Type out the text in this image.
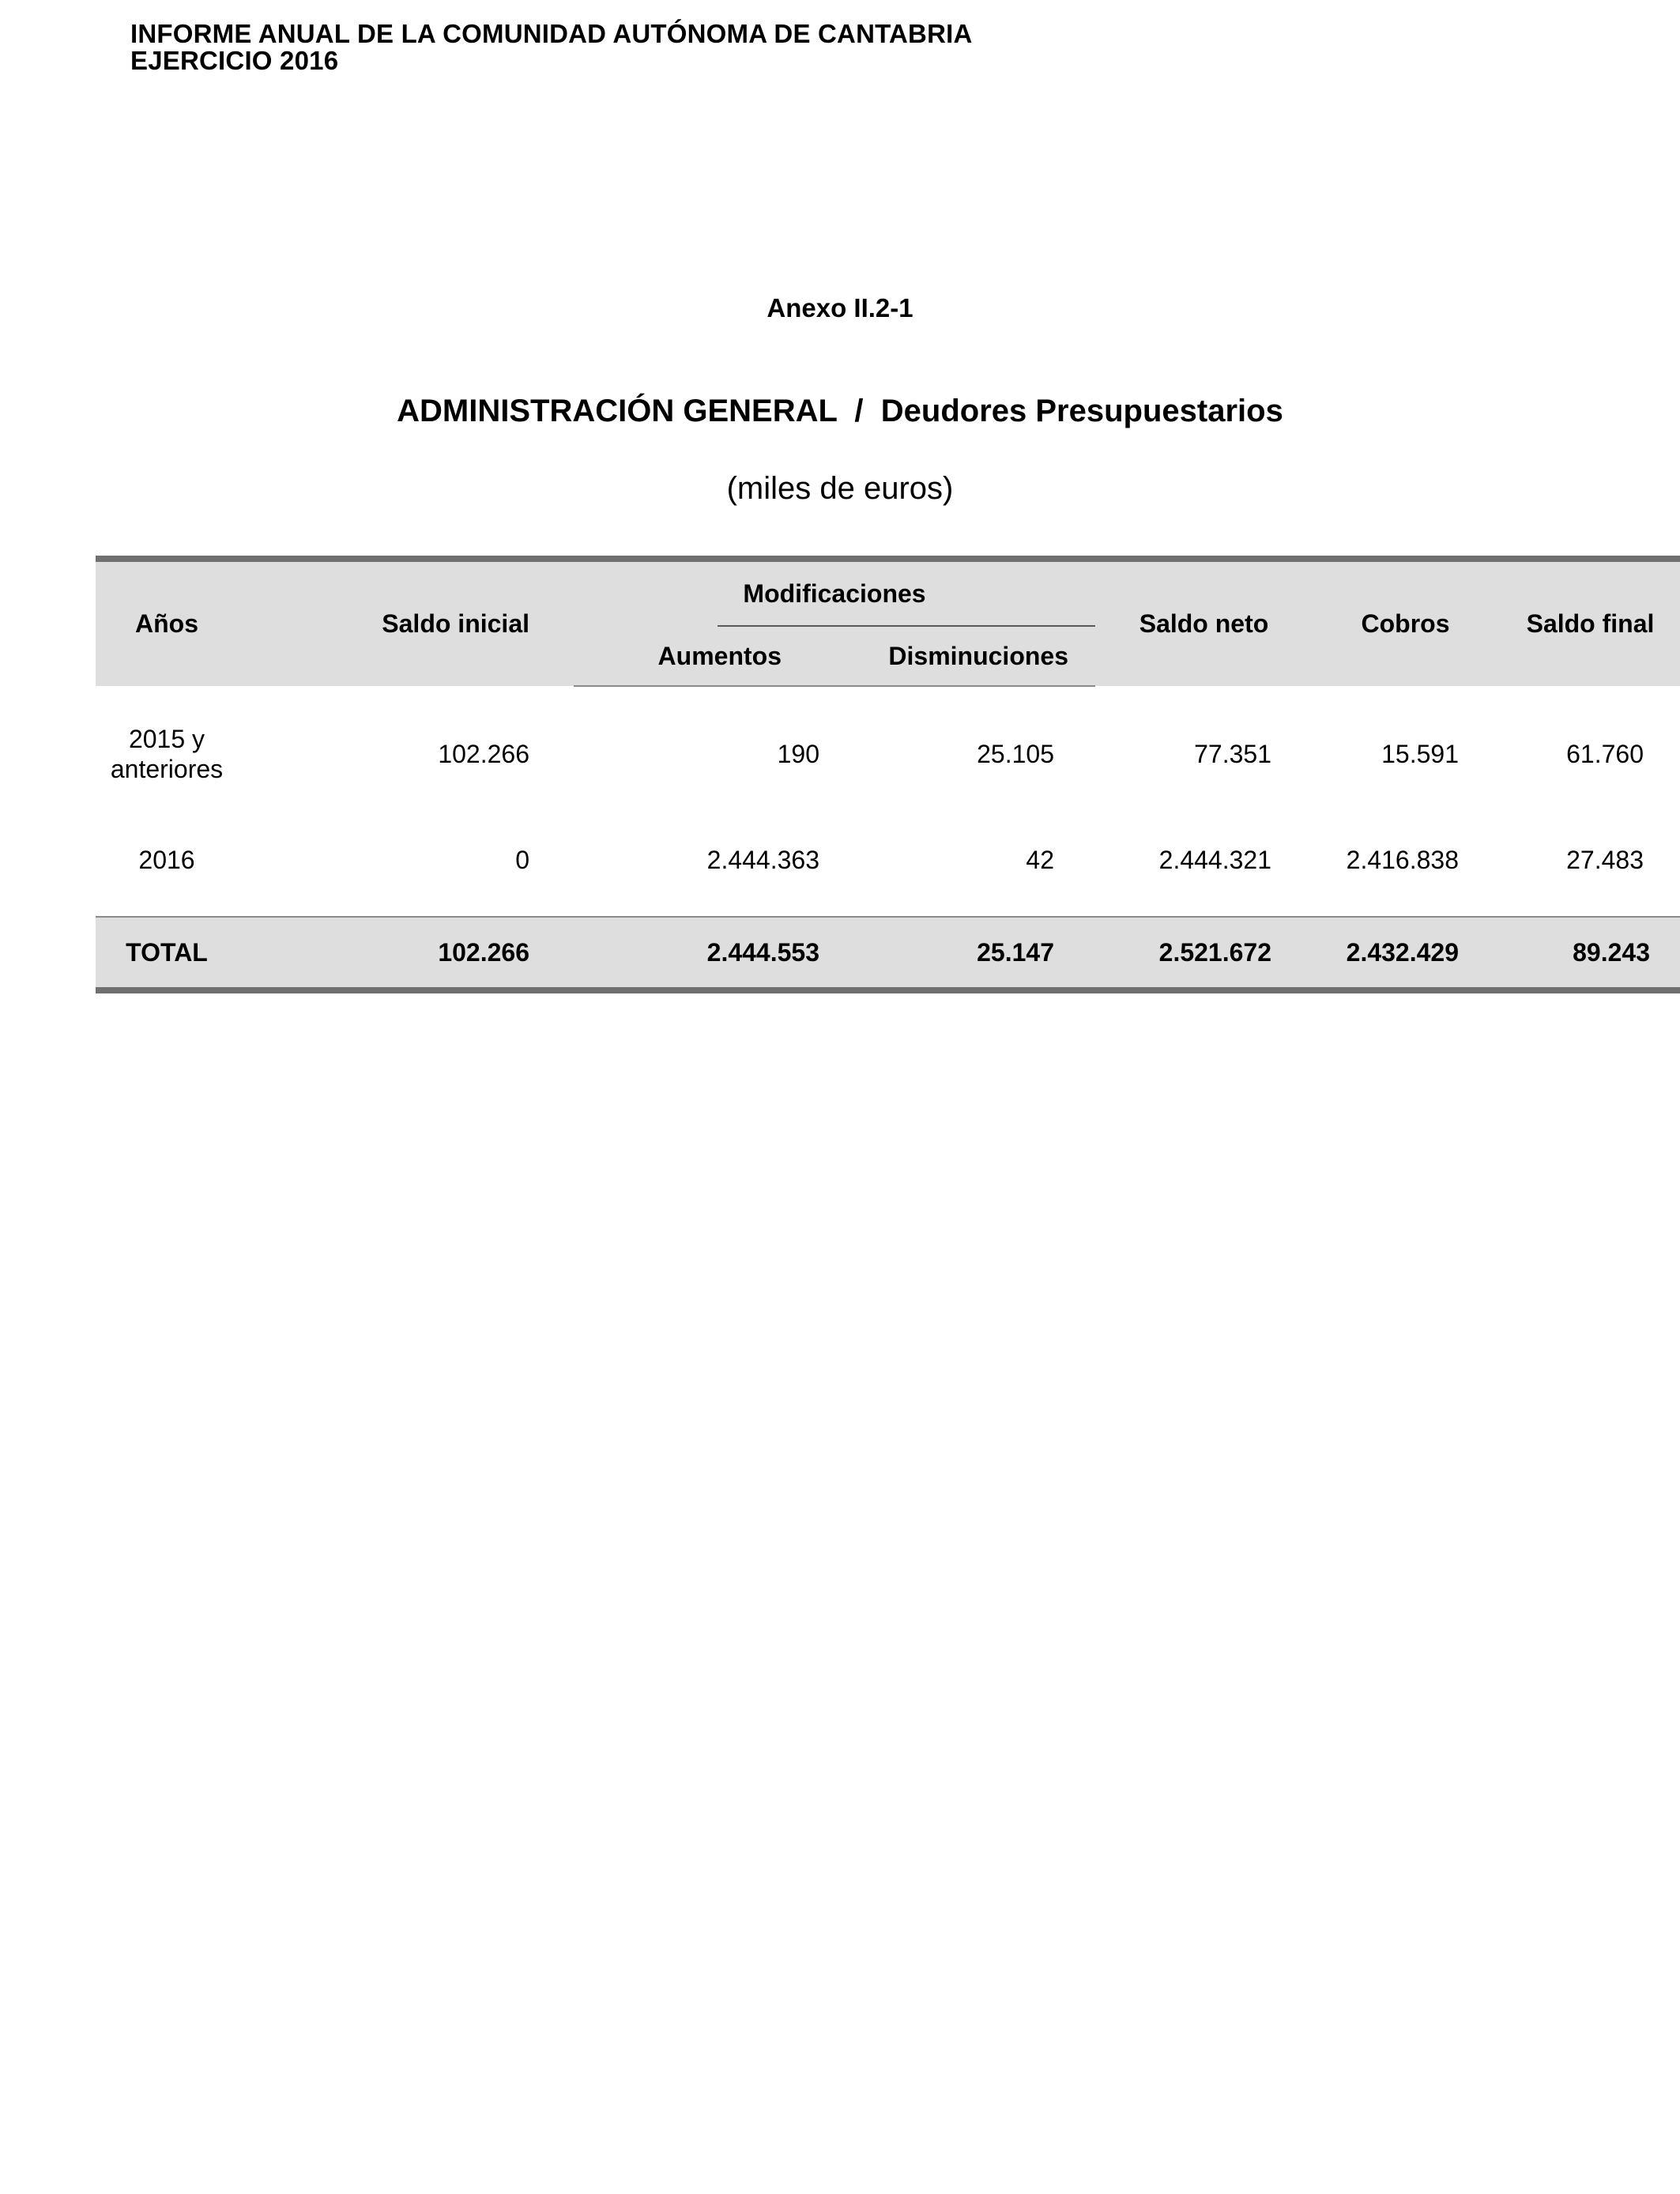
INFORME ANUAL DE LA COMUNIDAD AUTÓNOMA DE CANTABRIA
EJERCICIO 2016
Anexo II.2-1
ADMINISTRACIÓN GENERAL  /  Deudores Presupuestarios
(miles de euros)
Años	Saldo inicial	Modificaciones		Saldo neto	Cobros	Saldo final
		Aumentos	Disminuciones			

2015 y
anteriores	102.266	190	25.105	77.351	15.591	61.760
2016	0	2.444.363	42	2.444.321	2.416.838	27.483
TOTAL	102.266	2.444.553	25.147	2.521.672	2.432.429	89.243
